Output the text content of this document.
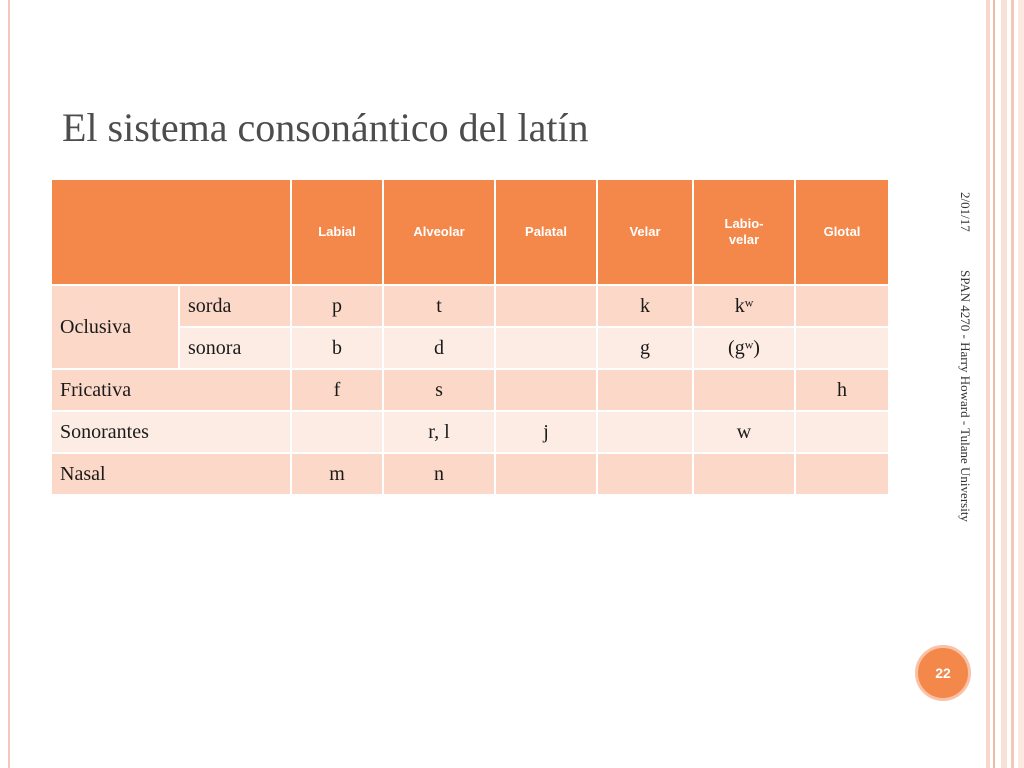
El sistema consonántico del latín
		Labial	Alveolar	Palatal	Velar	Labio-
velar	Glotal
Oclusiva	sorda	p	t		k	kʷ	
	sonora	b	d		g	(gʷ)	
Fricativa		f	s				h
Sonorantes			r, l	j		w	
Nasal		m	n				
2/01/17
SPAN 4270 - Harry Howard - Tulane University
22
